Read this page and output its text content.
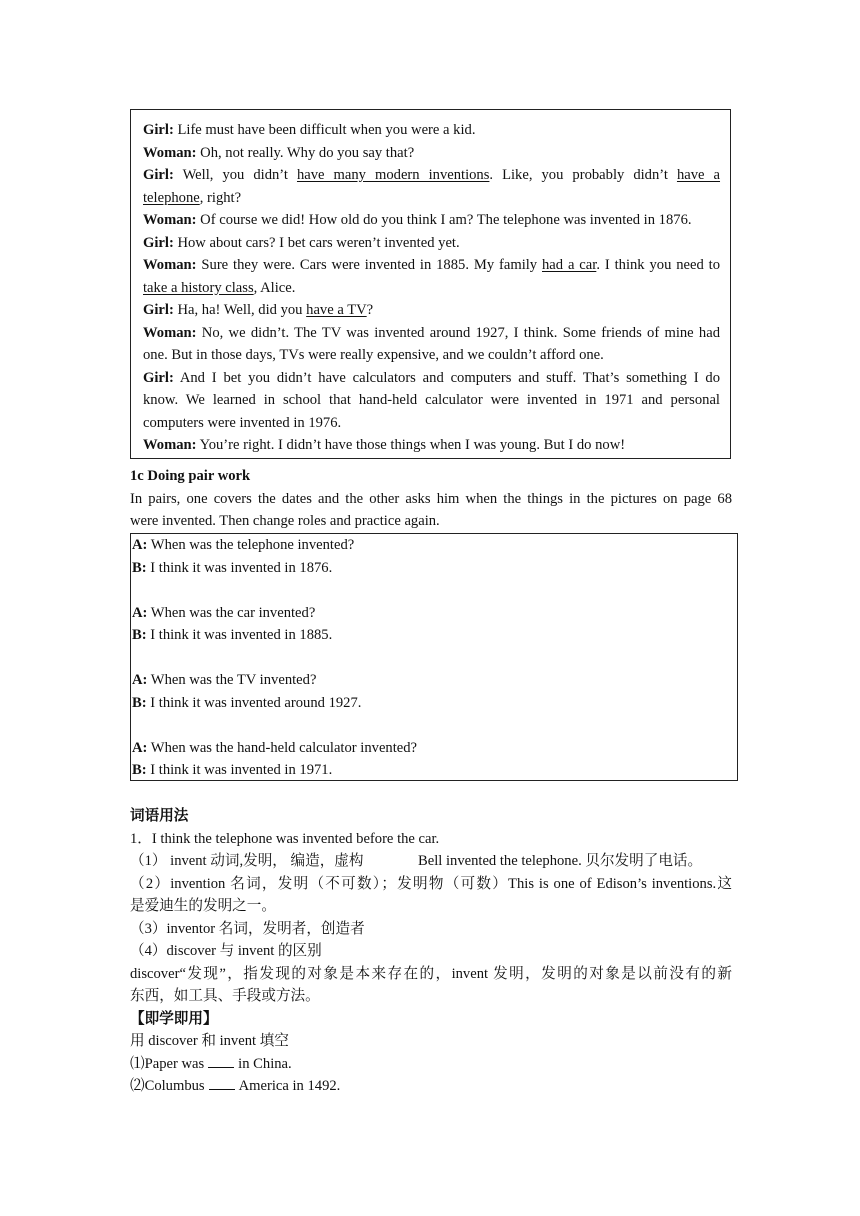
Girl: Life must have been difficult when you were a kid.
Woman: Oh, not really. Why do you say that?
Girl: Well, you didn’t have many modern inventions. Like, you probably didn’t have a
telephone, right?
Woman: Of course we did! How old do you think I am? The telephone was invented in 1876.
Girl: How about cars? I bet cars weren’t invented yet.
Woman: Sure they were. Cars were invented in 1885. My family had a car. I think you need to
take a history class, Alice.
Girl: Ha, ha! Well, did you have a TV?
Woman: No, we didn’t. The TV was invented around 1927, I think. Some friends of mine had
one. But in those days, TVs were really expensive, and we couldn’t afford one.
Girl: And I bet you didn’t have calculators and computers and stuff. That’s something I do
know. We learned in school that hand-held calculator were invented in 1971 and personal
computers were invented in 1976.
Woman: You’re right. I didn’t have those things when I was young. But I do now!
1c Doing pair work
In pairs, one covers the dates and the other asks him when the things in the pictures on page 68
were invented. Then change roles and practice again.
A: When was the telephone invented?
B: I think it was invented in 1876.
A: When was the car invented?
B: I think it was invented in 1885.
A: When was the TV invented?
B: I think it was invented around 1927.
A: When was the hand-held calculator invented?
B: I think it was invented in 1971.
词语用法
1．I think the telephone was invented before the car.
（1） invent 动词,发明， 编造，虚构	Bell invented the telephone. 贝尔发明了电话。
（2）invention 名词，发明（不可数）；发明物（可数）This is one of Edison’s inventions.这
是爱迪生的发明之一。
（3）inventor 名词，发明者，创造者
（4）discover 与 invent 的区别
discover“发现”，指发现的对象是本来存在的，invent 发明，发明的对象是以前没有的新
东西，如工具、手段或方法。
【即学即用】
用 discover 和 invent 填空
⑴Paper was in China.
⑵Columbus America in 1492.
